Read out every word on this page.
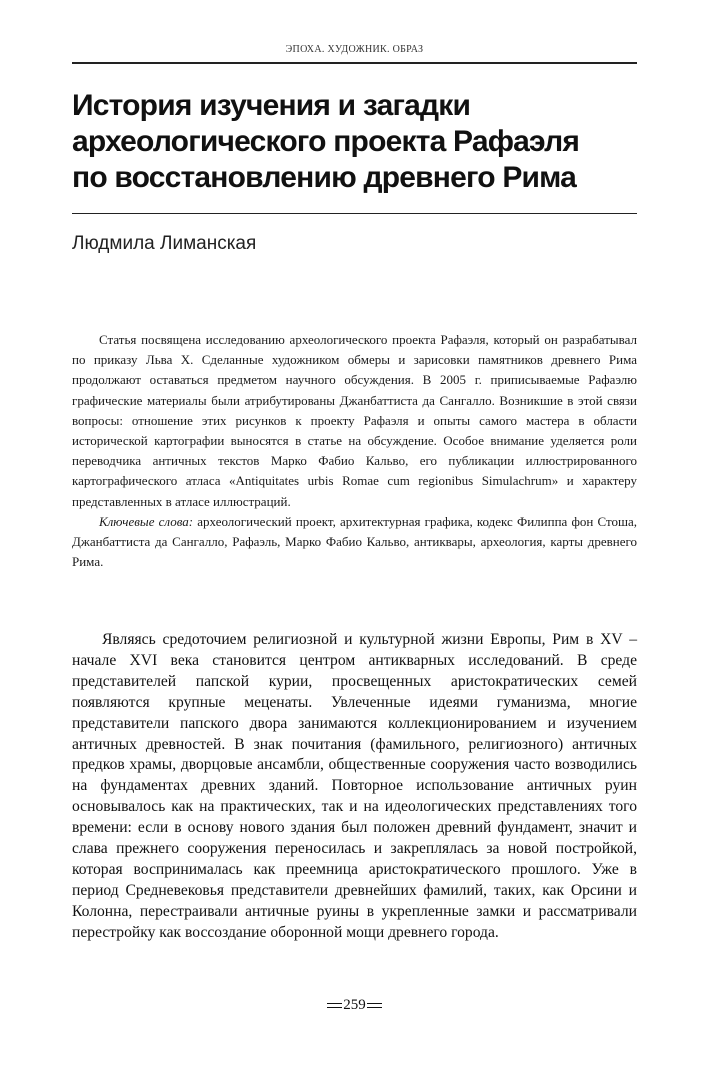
ЭПОХА. ХУДОЖНИК. ОБРАЗ
История изучения и загадки
археологического проекта Рафаэля
по восстановлению древнего Рима
Людмила Лиманская

Статья посвящена исследованию археологического проекта Рафаэля, который он разрабатывал по приказу Льва X. Сделанные художником обмеры и зарисовки памятников древнего Рима продолжают оставаться предметом научного обсуждения. В 2005 г. приписываемые Рафаэлю графические материалы были атрибутированы Джанбаттиста да Сангалло. Возникшие в этой связи вопросы: отношение этих рисунков к проекту Рафаэля и опыты самого мастера в области исторической картографии выносятся в статье на обсуждение. Особое внимание уделяется роли переводчика античных текстов Марко Фабио Кальво, его публикации иллюстрированного картографического атласа «Antiquitates urbis Romae cum regionibus Simulachrum» и характеру представленных в атласе иллюстраций.

Ключевые слова: археологический проект, архитектурная графика, кодекс Филиппа фон Стоша, Джанбаттиста да Сангалло, Рафаэль, Марко Фабио Кальво, антиквары, археология, карты древнего Рима.

Являясь средоточием религиозной и культурной жизни Европы, Рим в XV – начале XVI века становится центром антикварных исследований. В среде представителей папской курии, просвещенных аристократических семей появляются крупные меценаты. Увлеченные идеями гуманизма, многие представители папского двора занимаются коллекционированием и изучением античных древностей. В знак почитания (фамильного, религиозного) античных предков храмы, дворцовые ансамбли, общественные сооружения часто возводились на фундаментах древних зданий. Повторное использование античных руин основывалось как на практических, так и на идеологических представлениях того времени: если в основу нового здания был положен древний фундамент, значит и слава прежнего сооружения переносилась и закреплялась за новой постройкой, которая воспринималась как преемница аристократического прошлого. Уже в период Средневековья представители древнейших фамилий, таких, как Орсини и Колонна, перестраивали античные руины в укрепленные замки и рассматривали перестройку как воссоздание оборонной мощи древнего города.

259
